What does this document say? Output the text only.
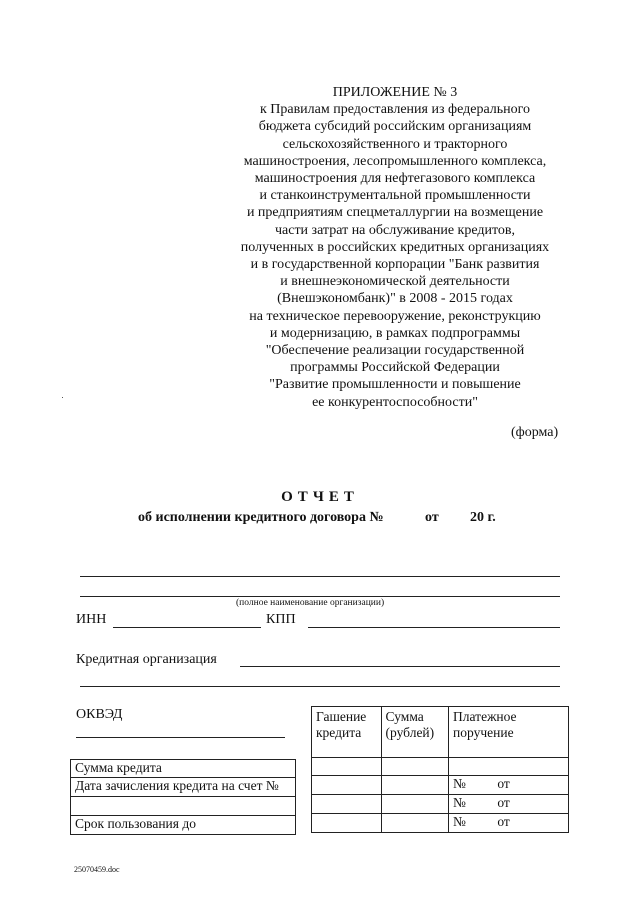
ПРИЛОЖЕНИЕ № 3
к Правилам предоставления из федерального
бюджета субсидий российским организациям
сельскохозяйственного и тракторного
машиностроения, лесопромышленного комплекса,
машиностроения для нефтегазового комплекса
и станкоинструментальной промышленности
и предприятиям спецметаллургии на возмещение
части затрат на обслуживание кредитов,
полученных в российских кредитных организациях
и в государственной корпорации "Банк развития
и внешнеэкономической деятельности
(Внешэкономбанк)" в 2008 - 2015 годах
на техническое перевооружение, реконструкцию
и модернизацию, в рамках подпрограммы
"Обеспечение реализации государственной
программы Российской Федерации
"Развитие промышленности и повышение
ее конкурентоспособности"
(форма)
ОТЧЕТ
об исполнении кредитного договора №	от 20 г.
(полное наименование организации)
ИНН	КПП
Кредитная организация
ОКВЭД
Сумма кредита
Дата зачисления кредита на счет №

Срок пользования до
Гашение кредита	Сумма (рублей)	Платежное поручение

		№ от
		№ от
		№ от
25070459.doc
